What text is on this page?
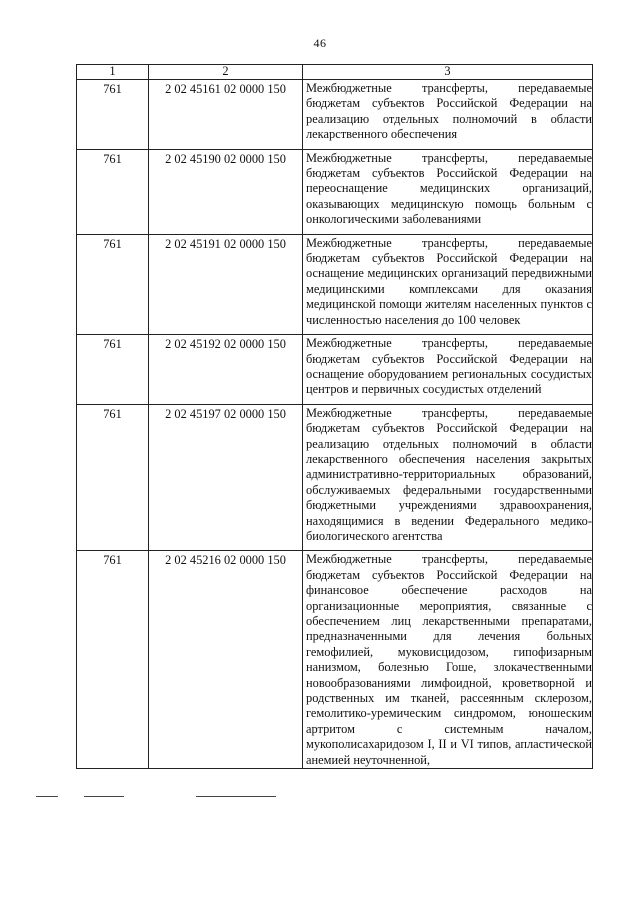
46
1	2	3
761	2 02 45161 02 0000 150	Межбюджетные трансферты, передаваемые бюджетам субъектов Российской Федерации на реализацию отдельных полномочий в области лекарственного обеспечения
761	2 02 45190 02 0000 150	Межбюджетные трансферты, передаваемые бюджетам субъектов Российской Федерации на переоснащение медицинских организаций, оказывающих медицинскую помощь больным с онкологическими заболеваниями
761	2 02 45191 02 0000 150	Межбюджетные трансферты, передаваемые бюджетам субъектов Российской Федерации на оснащение медицинских организаций передвижными медицинскими комплексами для оказания медицинской помощи жителям населенных пунктов с численностью населения до 100 человек
761	2 02 45192 02 0000 150	Межбюджетные трансферты, передаваемые бюджетам субъектов Российской Федерации на оснащение оборудованием региональных сосудистых центров и первичных сосудистых отделений
761	2 02 45197 02 0000 150	Межбюджетные трансферты, передаваемые бюджетам субъектов Российской Федерации на реализацию отдельных полномочий в области лекарственного обеспечения населения закрытых административно-территориальных образований, обслуживаемых федеральными государственными бюджетными учреждениями здравоохранения, находящимися в ведении Федерального медико-биологического агентства
761	2 02 45216 02 0000 150	Межбюджетные трансферты, передаваемые бюджетам субъектов Российской Федерации на финансовое обеспечение расходов на организационные мероприятия, связанные с обеспечением лиц лекарственными препаратами, предназначенными для лечения больных гемофилией, муковисцидозом, гипофизарным нанизмом, болезнью Гоше, злокачественными новообразованиями лимфоидной, кроветворной и родственных им тканей, рассеянным склерозом, гемолитико-уремическим синдромом, юношеским артритом с системным началом, мукополисахаридозом I, II и VI типов, апластической анемией неуточненной,
